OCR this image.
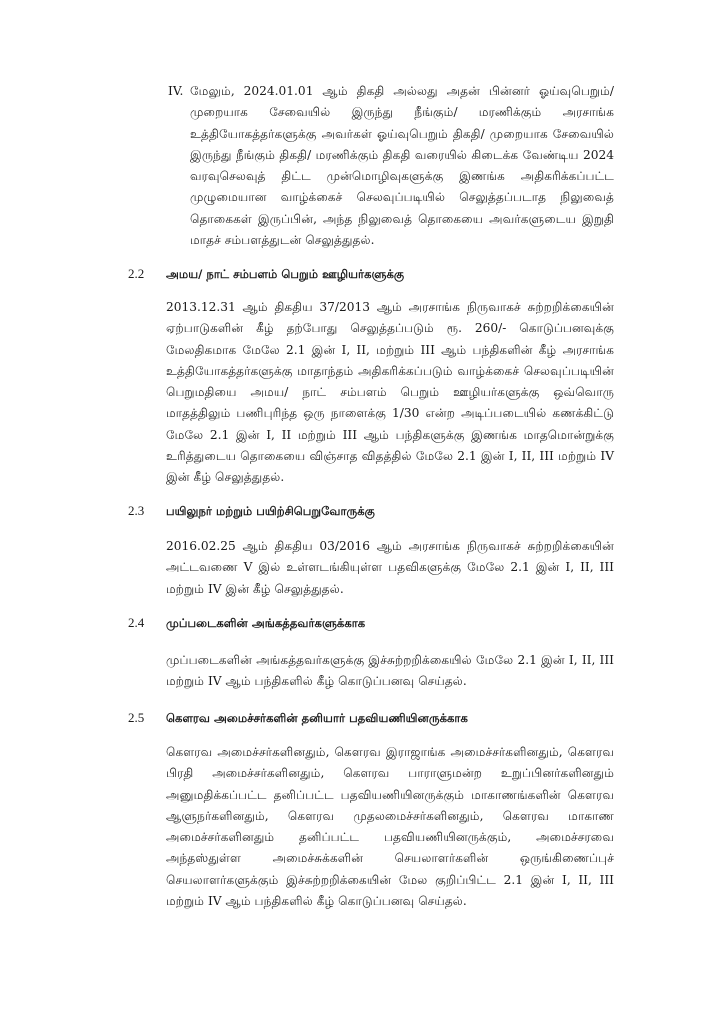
IV. மேலும், 2024.01.01 ஆம் திகதி அல்லது அதன் பின்னர் ஓய்வுபெறும்/ முறையாக சேவையில் இருந்து நீங்கும்/ மரணிக்கும் அரசாங்க உத்தியோகத்தர்களுக்கு அவர்கள் ஓய்வுபெறும் திகதி/ முறையாக சேவையில் இருந்து நீங்கும் திகதி/ மரணிக்கும் திகதி வரையில் கிடைக்க வேண்டிய 2024 வரவுசெலவுத் திட்ட முன்மொழிவுகளுக்கு இணங்க அதிகரிக்கப்பட்ட முழுமையான வாழ்க்கைச் செலவுப்படியில் செலுத்தப்படாத நிலுவைத் தொகைகள் இருப்பின், அந்த நிலுவைத் தொகையை அவர்களுடைய இறுதி மாதச் சம்பளத்துடன் செலுத்துதல்.

2.2	அமய/ நாட் சம்பளம் பெறும் ஊழியர்களுக்கு

2013.12.31 ஆம் திகதிய 37/2013 ஆம் அரசாங்க நிருவாகச் சுற்றறிக்கையின் ஏற்பாடுகளின் கீழ் தற்போது செலுத்தப்படும் ரூ. 260/- கொடுப்பனவுக்கு மேலதிகமாக மேலே 2.1 இன் I, II, மற்றும் III ஆம் பந்திகளின் கீழ் அரசாங்க உத்தியோகத்தர்களுக்கு மாதாந்தம் அதிகரிக்கப்படும் வாழ்க்கைச் செலவுப்படியின் பெறுமதியை அமய/ நாட் சம்பளம் பெறும் ஊழியர்களுக்கு ஒவ்வொரு மாதத்திலும் பணிபுரிந்த ஒரு நாளைக்கு 1/30 என்ற அடிப்படையில் கணக்கிட்டு மேலே 2.1 இன் I, II மற்றும் III ஆம் பந்திகளுக்கு இணங்க மாதமொன்றுக்கு உரித்துடைய தொகையை விஞ்சாத விதத்தில் மேலே 2.1 இன் I, II, III மற்றும் IV இன் கீழ் செலுத்துதல்.

2.3	பயிலுநர் மற்றும் பயிற்சிபெறுவோருக்கு

2016.02.25 ஆம் திகதிய 03/2016 ஆம் அரசாங்க நிருவாகச் சுற்றறிக்கையின் அட்டவணை V இல் உள்ளடங்கியுள்ள பதவிகளுக்கு மேலே 2.1 இன் I, II, III மற்றும் IV இன் கீழ் செலுத்துதல்.

2.4	முப்படைகளின் அங்கத்தவர்களுக்காக

முப்படைகளின் அங்கத்தவர்களுக்கு இச்சுற்றறிக்கையில் மேலே 2.1 இன் I, II, III மற்றும் IV ஆம் பந்திகளில் கீழ் கொடுப்பனவு செய்தல்.

2.5	கௌரவ அமைச்சர்களின் தனியார் பதவியணியினருக்காக

கௌரவ அமைச்சர்களினதும், கௌரவ இராஜாங்க அமைச்சர்களினதும், கௌரவ பிரதி அமைச்சர்களினதும், கௌரவ பாராளுமன்ற உறுப்பினர்களினதும் அனுமதிக்கப்பட்ட தனிப்பட்ட பதவியணியினருக்கும் மாகாணங்களின் கௌரவ ஆளுநர்களினதும், கௌரவ முதலமைச்சர்களினதும், கௌரவ மாகாண அமைச்சர்களினதும் தனிப்பட்ட பதவியணியினருக்கும், அமைச்சரவை அந்தஸ்துள்ள அமைச்சுக்களின் செயலாளர்களின் ஒருங்கிணைப்புச் செயலாளர்களுக்கும் இச்சுற்றறிக்கையின் மேல குறிப்பிட்ட 2.1 இன் I, II, III மற்றும் IV ஆம் பந்திகளில் கீழ் கொடுப்பனவு செய்தல்.
